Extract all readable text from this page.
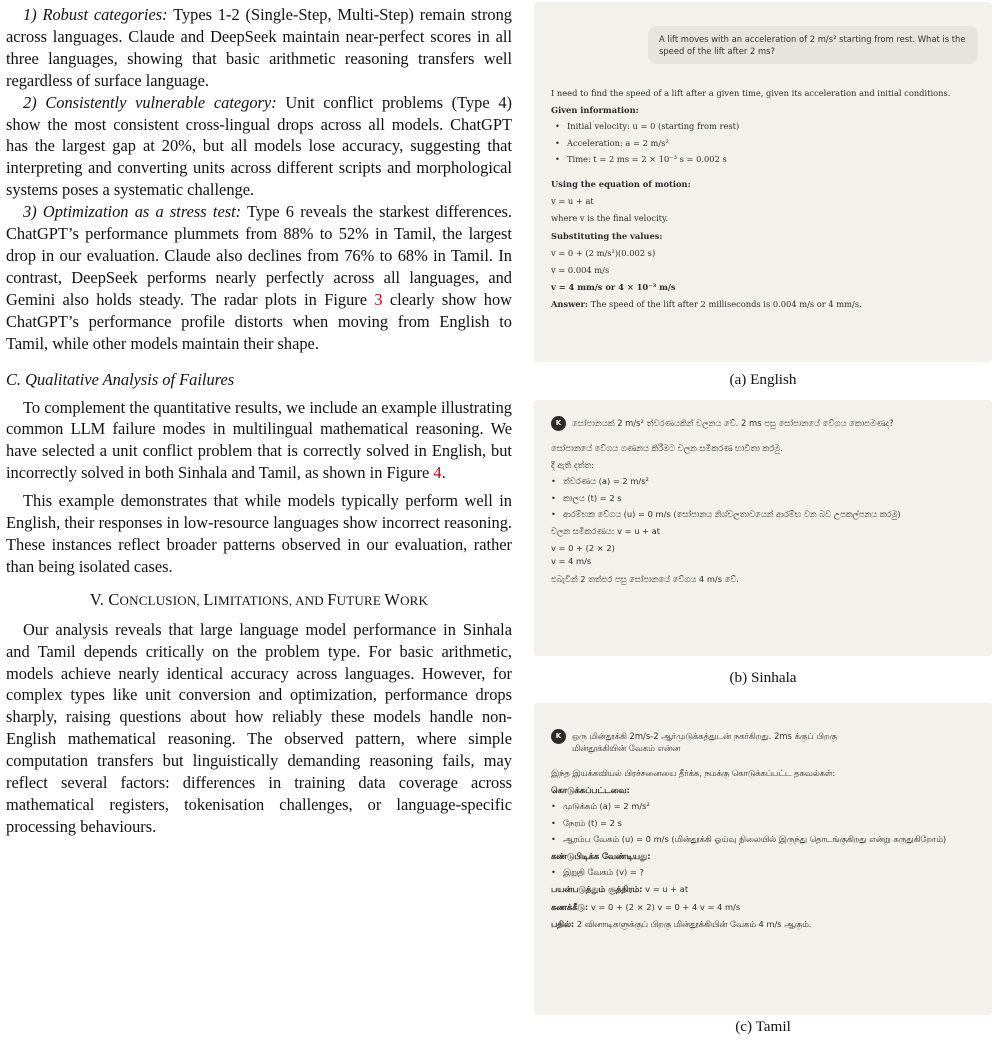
1) Robust categories: Types 1-2 (Single-Step, Multi-Step) remain strong across languages. Claude and DeepSeek maintain near-perfect scores in all three languages, showing that basic arithmetic reasoning transfers well regardless of surface language.

2) Consistently vulnerable category: Unit conflict problems (Type 4) show the most consistent cross-lingual drops across all models. ChatGPT has the largest gap at 20%, but all models lose accuracy, suggesting that interpreting and converting units across different scripts and morphological systems poses a systematic challenge.

3) Optimization as a stress test: Type 6 reveals the starkest differences. ChatGPT’s performance plummets from 88% to 52% in Tamil, the largest drop in our evaluation. Claude also declines from 76% to 68% in Tamil. In contrast, DeepSeek performs nearly perfectly across all languages, and Gemini also holds steady. The radar plots in Figure 3 clearly show how ChatGPT’s performance profile distorts when moving from English to Tamil, while other models maintain their shape.

C. Qualitative Analysis of Failures

To complement the quantitative results, we include an example illustrating common LLM failure modes in multilingual mathematical reasoning. We have selected a unit conflict problem that is correctly solved in English, but incorrectly solved in both Sinhala and Tamil, as shown in Figure 4.

This example demonstrates that while models typically perform well in English, their responses in low-resource languages show incorrect reasoning. These instances reflect broader patterns observed in our evaluation, rather than being isolated cases.

V. CONCLUSION, LIMITATIONS, AND FUTURE WORK

Our analysis reveals that large language model performance in Sinhala and Tamil depends critically on the problem type. For basic arithmetic, models achieve nearly identical accuracy across languages. However, for complex types like unit conversion and optimization, performance drops sharply, raising questions about how reliably these models handle non-English mathematical reasoning. The observed pattern, where simple computation transfers but linguistically demanding reasoning fails, may reflect several factors: differences in training data coverage across mathematical registers, tokenisation challenges, or language-specific processing behaviours.

A lift moves with an acceleration of 2 m/s² starting from rest. What is the speed of the lift after 2 ms?
I need to find the speed of a lift after a given time, given its acceleration and initial conditions.
Given information:
• Initial velocity: u = 0 (starting from rest)
• Acceleration: a = 2 m/s²
• Time: t = 2 ms = 2 × 10⁻³ s = 0.002 s
Using the equation of motion:
v = u + at
where v is the final velocity.
Substituting the values:
v = 0 + (2 m/s²)(0.002 s)
v = 0.004 m/s
v = 4 mm/s or 4 × 10⁻³ m/s
Answer: The speed of the lift after 2 milliseconds is 0.004 m/s or 4 mm/s.
(a) English
K	සෝපානයක් 2 m/s² ත්වරණයකින් චලනය වේ. 2 ms පසු සෝපානයේ වේගය කොපමණද?
සෝපානයේ වේගය ගණනය කිරීමට චලන සමීකරණ භාවිතා කරමු.
දී ඇති දත්ත:
• ත්වරණය (a) = 2 m/s²
• කාලය (t) = 2 s
• ආරම්භක වේගය (u) = 0 m/s (සෝපානය නිශ්චලතාවයෙන් ආරම්භ වන බව උපකල්පනය කරමු)
චලන සමීකරණය: v = u + at
v = 0 + (2 × 2)
v = 4 m/s
එබැවින් 2 තත්පර පසු සෝපානයේ වේගය 4 m/s වේ.
(b) Sinhala
K	ஒரு மின்தூக்கி 2m/s-2 ஆர்முடுக்கத்துடன் நகர்கிறது. 2ms க்குப் பிறகு மின்தூக்கியின் வேகம் என்ன
இந்த இயக்கவியல் பிரச்சனையை தீர்க்க, நமக்கு கொடுக்கப்பட்ட தகவல்கள்:
கொடுக்கப்பட்டவை:
• முடுக்கம் (a) = 2 m/s²
• நேரம் (t) = 2 s
• ஆரம்ப வேகம் (u) = 0 m/s (மின்தூக்கி ஓய்வு நிலையில் இருந்து தொடங்குகிறது என்று கருதுகிறோம்)
கண்டுபிடிக்க வேண்டியது:
• இறுதி வேகம் (v) = ?
பயன்படுத்தும் சூத்திரம்: v = u + at
கணக்கீடு: v = 0 + (2 × 2) v = 0 + 4 v = 4 m/s
பதில்: 2 வினாடிகளுக்குப் பிறகு மின்தூக்கியின் வேகம் 4 m/s ஆகும்.
(c) Tamil
